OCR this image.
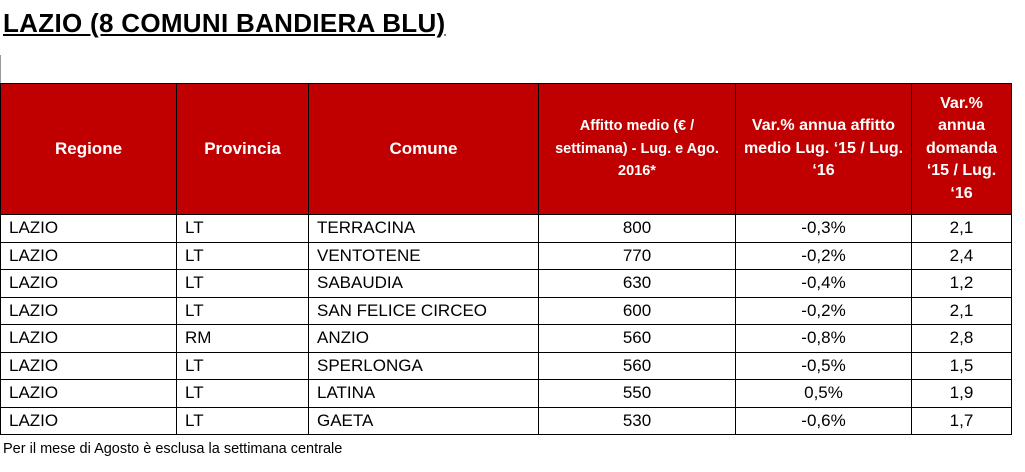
LAZIO (8 COMUNI BANDIERA BLU)
Regione	Provincia	Comune	Affitto medio (€ / settimana) - Lug. e Ago. 2016*	Var.% annua affitto medio Lug. ‘15 / Lug. ‘16	Var.% annua domanda ‘15 / Lug. ‘16
LAZIO	LT	TERRACINA	800	-0,3%	2,1
LAZIO	LT	VENTOTENE	770	-0,2%	2,4
LAZIO	LT	SABAUDIA	630	-0,4%	1,2
LAZIO	LT	SAN FELICE CIRCEO	600	-0,2%	2,1
LAZIO	RM	ANZIO	560	-0,8%	2,8
LAZIO	LT	SPERLONGA	560	-0,5%	1,5
LAZIO	LT	LATINA	550	0,5%	1,9
LAZIO	LT	GAETA	530	-0,6%	1,7
Per il mese di Agosto è esclusa la settimana centrale
